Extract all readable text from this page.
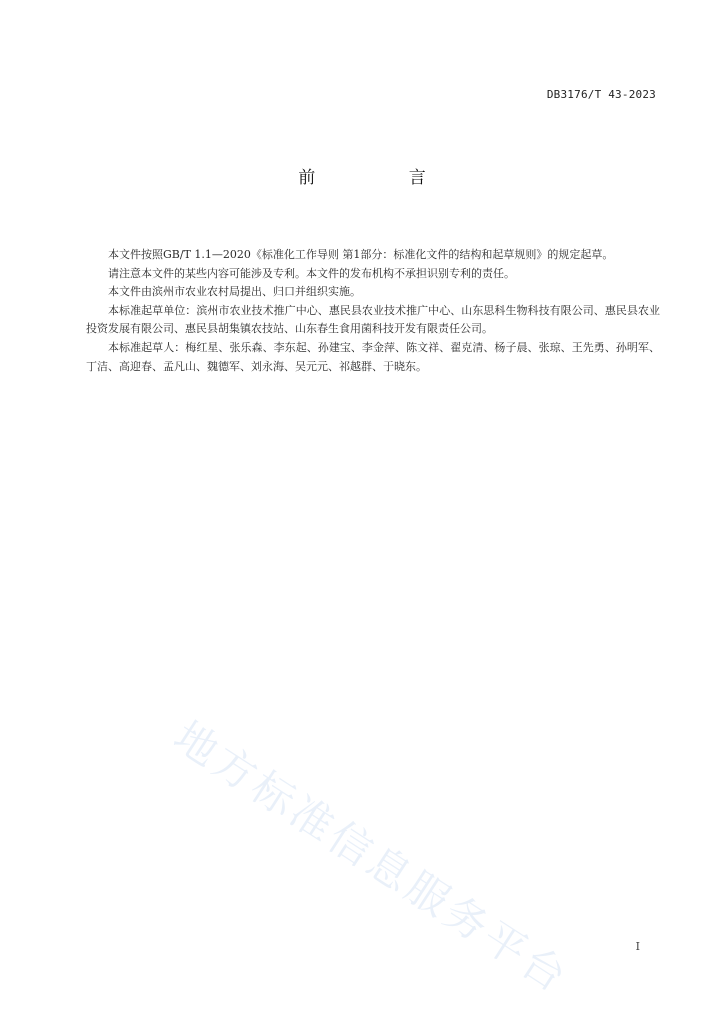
DB3176/T 43-2023
前 言

本文件按照GB/T 1.1—2020《标准化工作导则 第1部分：标准化文件的结构和起草规则》的规定起草。

请注意本文件的某些内容可能涉及专利。本文件的发布机构不承担识别专利的责任。

本文件由滨州市农业农村局提出、归口并组织实施。

本标准起草单位：滨州市农业技术推广中心、惠民县农业技术推广中心、山东思科生物科技有限公司、惠民县农业投资发展有限公司、惠民县胡集镇农技站、山东春生食用菌科技开发有限责任公司。

本标准起草人：梅红星、张乐森、李东起、孙建宝、李金萍、陈文祥、翟克清、杨子晨、张琼、王先勇、孙明军、丁洁、高迎春、孟凡山、魏德军、刘永海、吴元元、祁越群、于晓东。

地方标准信息服务平台	I
